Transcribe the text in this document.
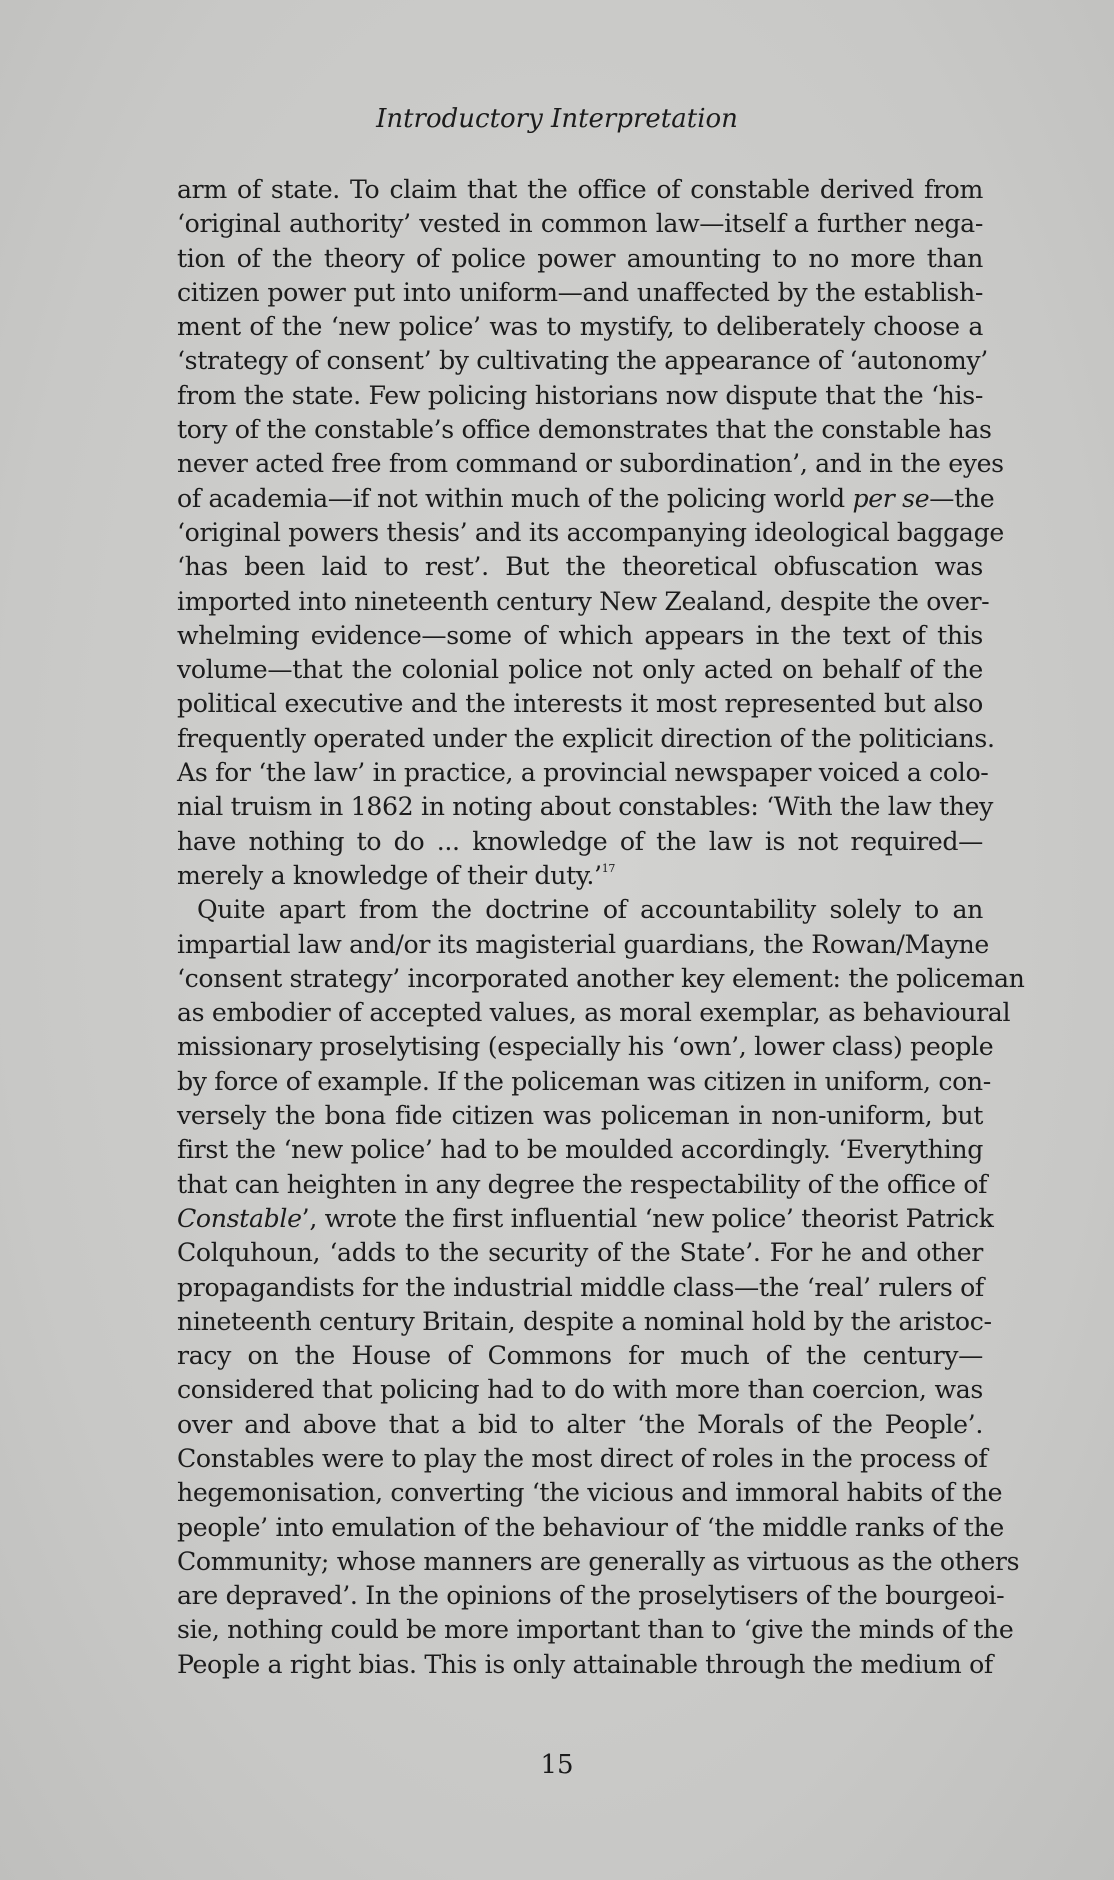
Introductory Interpretation
arm of state. To claim that the office of constable derived from
‘original authority’ vested in common law—itself a further nega-
tion of the theory of police power amounting to no more than
citizen power put into uniform—and unaffected by the establish-
ment of the ‘new police’ was to mystify, to deliberately choose a
‘strategy of consent’ by cultivating the appearance of ‘autonomy’
from the state. Few policing historians now dispute that the ‘his-
tory of the constable’s office demonstrates that the constable has
never acted free from command or subordination’, and in the eyes
of academia—if not within much of the policing world per se—the
‘original powers thesis’ and its accompanying ideological baggage
‘has been laid to rest’. But the theoretical obfuscation was
imported into nineteenth century New Zealand, despite the over-
whelming evidence—some of which appears in the text of this
volume—that the colonial police not only acted on behalf of the
political executive and the interests it most represented but also
frequently operated under the explicit direction of the politicians.
As for ‘the law’ in practice, a provincial newspaper voiced a colo-
nial truism in 1862 in noting about constables: ‘With the law they
have nothing to do ... knowledge of the law is not required—
merely a knowledge of their duty.’$^{17}$
Quite apart from the doctrine of accountability solely to an
impartial law and/or its magisterial guardians, the Rowan/Mayne
‘consent strategy’ incorporated another key element: the policeman
as embodier of accepted values, as moral exemplar, as behavioural
missionary proselytising (especially his ‘own’, lower class) people
by force of example. If the policeman was citizen in uniform, con-
versely the bona fide citizen was policeman in non-uniform, but
first the ‘new police’ had to be moulded accordingly. ‘Everything
that can heighten in any degree the respectability of the office of
Constable’, wrote the first influential ‘new police’ theorist Patrick
Colquhoun, ‘adds to the security of the State’. For he and other
propagandists for the industrial middle class—the ‘real’ rulers of
nineteenth century Britain, despite a nominal hold by the aristoc-
racy on the House of Commons for much of the century—
considered that policing had to do with more than coercion, was
over and above that a bid to alter ‘the Morals of the People’.
Constables were to play the most direct of roles in the process of
hegemonisation, converting ‘the vicious and immoral habits of the
people’ into emulation of the behaviour of ‘the middle ranks of the
Community; whose manners are generally as virtuous as the others
are depraved’. In the opinions of the proselytisers of the bourgeoi-
sie, nothing could be more important than to ‘give the minds of the
People a right bias. This is only attainable through the medium of
15
